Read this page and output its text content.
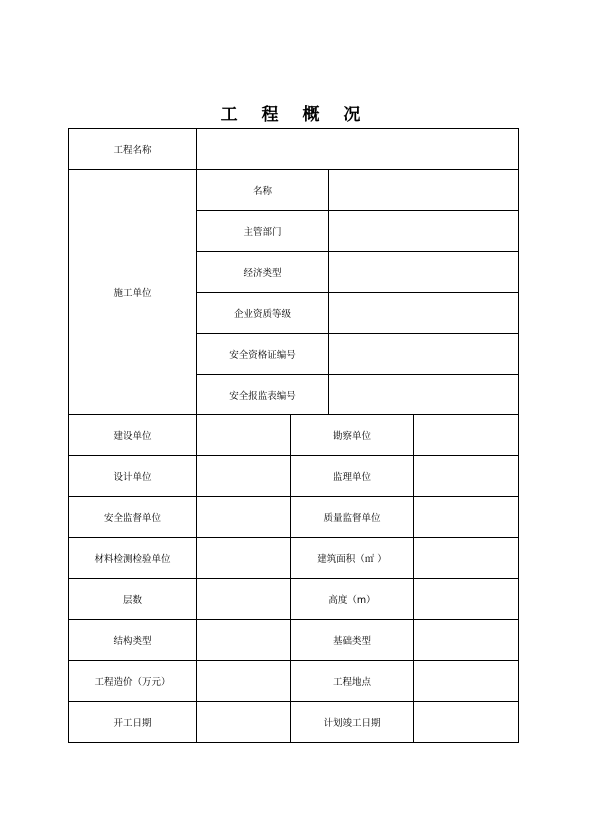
工 程 概 况
工程名称
施工单位
名称
主管部门
经济类型
企业资质等级
安全资格证编号
安全报监表编号
建设单位	勘察单位
设计单位	监理单位
安全监督单位	质量监督单位
材料检测检验单位	建筑面积（㎡ ）
层数	高度（m）
结构类型	基础类型
工程造价（万元）	工程地点
开工日期	计划竣工日期
